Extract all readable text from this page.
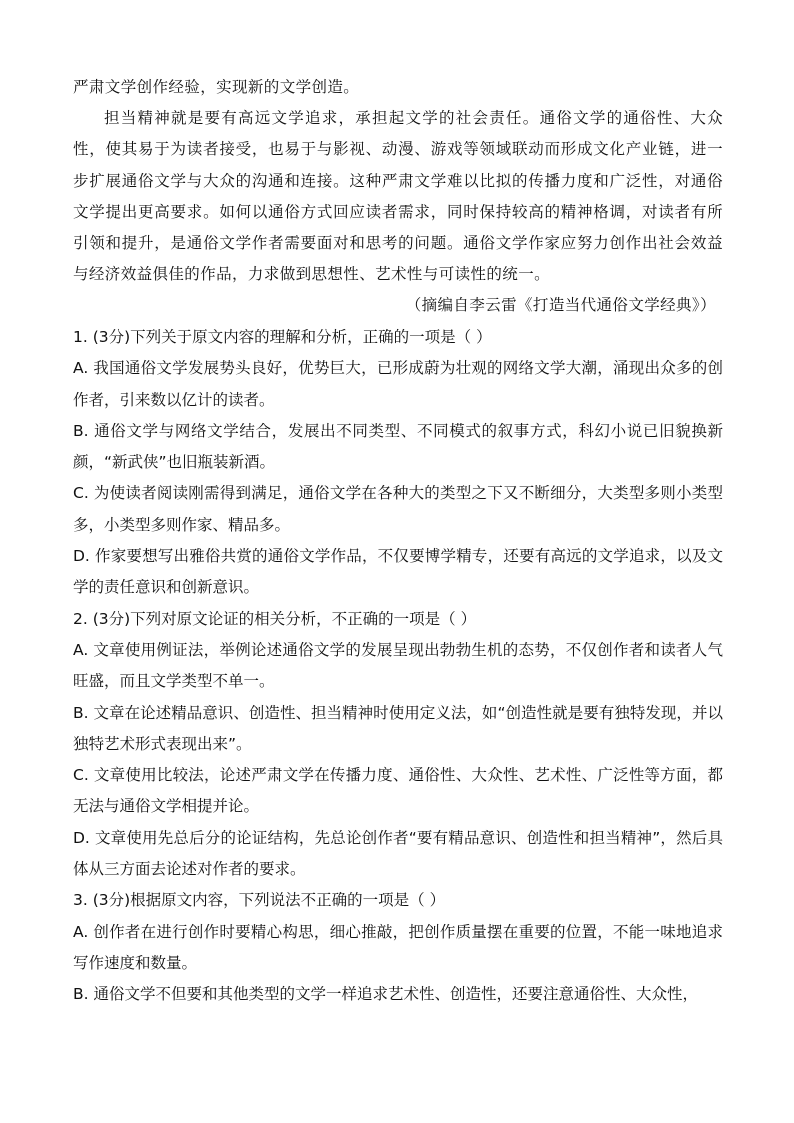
严肃文学创作经验，实现新的文学创造。

担当精神就是要有高远文学追求，承担起文学的社会责任。通俗文学的通俗性、大众性，使其易于为读者接受，也易于与影视、动漫、游戏等领域联动而形成文化产业链，进一步扩展通俗文学与大众的沟通和连接。这种严肃文学难以比拟的传播力度和广泛性，对通俗文学提出更高要求。如何以通俗方式回应读者需求，同时保持较高的精神格调，对读者有所引领和提升，是通俗文学作者需要面对和思考的问题。通俗文学作家应努力创作出社会效益与经济效益俱佳的作品，力求做到思想性、艺术性与可读性的统一。

（摘编自李云雷《打造当代通俗文学经典》）

1. (3分)下列关于原文内容的理解和分析，正确的一项是（ ）

A. 我国通俗文学发展势头良好，优势巨大，已形成蔚为壮观的网络文学大潮，涌现出众多的创作者，引来数以亿计的读者。

B. 通俗文学与网络文学结合，发展出不同类型、不同模式的叙事方式，科幻小说已旧貌换新颜，“新武侠”也旧瓶装新酒。

C. 为使读者阅读刚需得到满足，通俗文学在各种大的类型之下又不断细分，大类型多则小类型多，小类型多则作家、精品多。

D. 作家要想写出雅俗共赏的通俗文学作品，不仅要博学精专，还要有高远的文学追求，以及文学的责任意识和创新意识。

2. (3分)下列对原文论证的相关分析，不正确的一项是（ ）

A. 文章使用例证法，举例论述通俗文学的发展呈现出勃勃生机的态势，不仅创作者和读者人气旺盛，而且文学类型不单一。

B. 文章在论述精品意识、创造性、担当精神时使用定义法，如“创造性就是要有独特发现，并以独特艺术形式表现出来”。

C. 文章使用比较法，论述严肃文学在传播力度、通俗性、大众性、艺术性、广泛性等方面，都无法与通俗文学相提并论。

D. 文章使用先总后分的论证结构，先总论创作者“要有精品意识、创造性和担当精神”，然后具体从三方面去论述对作者的要求。

3. (3分)根据原文内容，下列说法不正确的一项是（ ）

A. 创作者在进行创作时要精心构思，细心推敲，把创作质量摆在重要的位置，不能一味地追求写作速度和数量。

B. 通俗文学不但要和其他类型的文学一样追求艺术性、创造性，还要注意通俗性、大众性，
